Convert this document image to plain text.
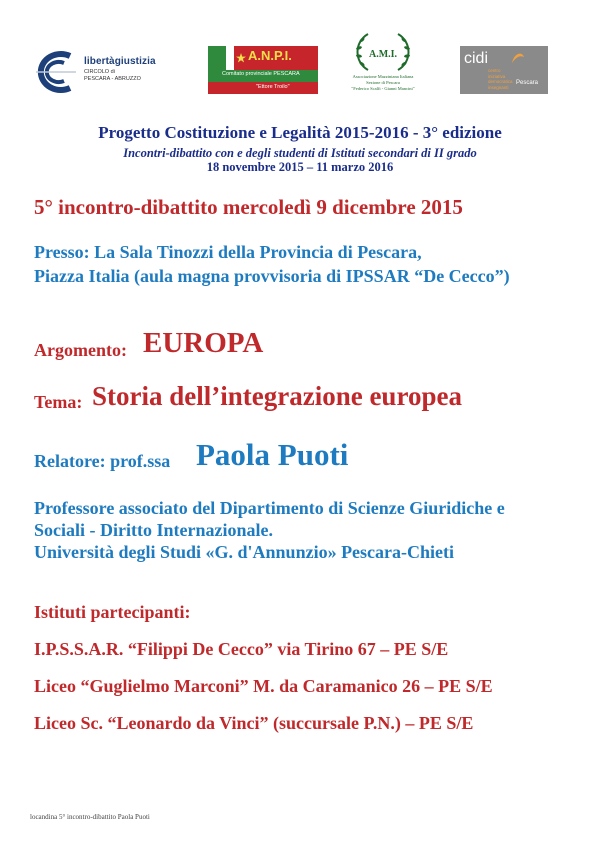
libertàgiustizia
CIRCOLO di
PESCARA - ABRUZZO
A.N.P.I.
Comitato provinciale PESCARA
"Ettore Troilo"
A.M.I.
Associazione Mazziniana Italiana
Sezione di Pescara
"Federico Scalfi - Gianni Mancini"
cidi
centro
iniziativa
democratica
insegnanti
Pescara
Progetto Costituzione e Legalità 2015-2016 - 3° edizione
Incontri-dibattito con e degli studenti di Istituti secondari di II grado
18 novembre 2015 – 11 marzo 2016
5° incontro-dibattito mercoledì 9 dicembre 2015
Presso: La Sala Tinozzi della Provincia di Pescara,
Piazza Italia (aula magna provvisoria di IPSSAR “De Cecco”)
Argomento: EUROPA
Tema: Storia dell’integrazione europea
Relatore: prof.ssa Paola Puoti
Professore associato del Dipartimento di Scienze Giuridiche e
Sociali - Diritto Internazionale.
Università degli Studi «G. d'Annunzio» Pescara-Chieti
Istituti partecipanti:
I.P.S.S.A.R. “Filippi De Cecco” via Tirino 67 – PE S/E
Liceo “Guglielmo Marconi” M. da Caramanico 26 – PE S/E
Liceo Sc. “Leonardo da Vinci” (succursale P.N.) – PE S/E
locandina 5° incontro-dibattito Paola Puoti
